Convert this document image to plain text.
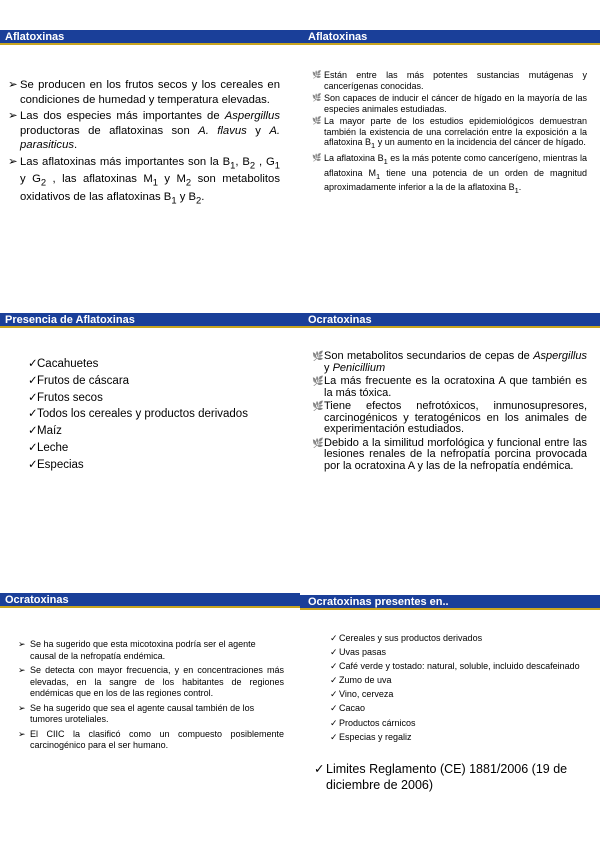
Aflatoxinas
➢ Se producen en los frutos secos y los cereales en condiciones de humedad y temperatura elevadas.
➢ Las dos especies más importantes de Aspergillus productoras de aflatoxinas son A. flavus y A. parasiticus.
➢ Las aflatoxinas más importantes son la $B_1$, $B_2$ , $G_1$ y $G_2$ , las aflatoxinas $M_1$ y $M_2$ son metabolitos oxidativos de las aflatoxinas $B_1$ y $B_2$.
Aflatoxinas
🌿 Están entre las más potentes sustancias mutágenas y cancerígenas conocidas.
🌿 Son capaces de inducir el cáncer de hígado en la mayoría de las especies animales estudiadas.
🌿 La mayor parte de los estudios epidemiológicos demuestran también la existencia de una correlación entre la exposición a la aflatoxina $B_1$ y un aumento en la incidencia del cáncer de hígado.
🌿 La aflatoxina $B_1$ es la más potente como cancerígeno, mientras la aflatoxina $M_1$ tiene una potencia de un orden de magnitud aproximadamente inferior a la de la aflatoxina $B_1$.
Presencia de Aflatoxinas
✓ Cacahuetes
✓ Frutos de cáscara
✓ Frutos secos
✓ Todos los cereales y productos derivados
✓ Maíz
✓ Leche
✓ Especias
Ocratoxinas
🌿 Son metabolitos secundarios de cepas de Aspergillus y Penicillium
🌿 La más frecuente es la ocratoxina A que también es la más tóxica.
🌿 Tiene efectos nefrotóxicos, inmunosupresores, carcinogénicos y teratogénicos en los animales de experimentación estudiados.
🌿 Debido a la similitud morfológica y funcional entre las lesiones renales de la nefropatía porcina provocada por la ocratoxina A y las de la nefropatía endémica.
Ocratoxinas
➢ Se ha sugerido que esta micotoxina podría ser el agente causal de la nefropatía endémica.
➢ Se detecta con mayor frecuencia, y en concentraciones más elevadas, en la sangre de los habitantes de regiones endémicas que en los de las regiones control.
➢ Se ha sugerido que sea el agente causal también de los tumores uroteliales.
➢ El CIIC la clasificó como un compuesto posiblemente carcinogénico para el ser humano.
Ocratoxinas presentes en..
✓ Cereales y sus productos derivados
✓ Uvas pasas
✓ Café verde y tostado: natural, soluble, incluido descafeinado
✓ Zumo de uva
✓ Vino, cerveza
✓ Cacao
✓ Productos cárnicos
✓ Especias y regaliz
✓ Limites Reglamento (CE) 1881/2006 (19 de diciembre de 2006)
